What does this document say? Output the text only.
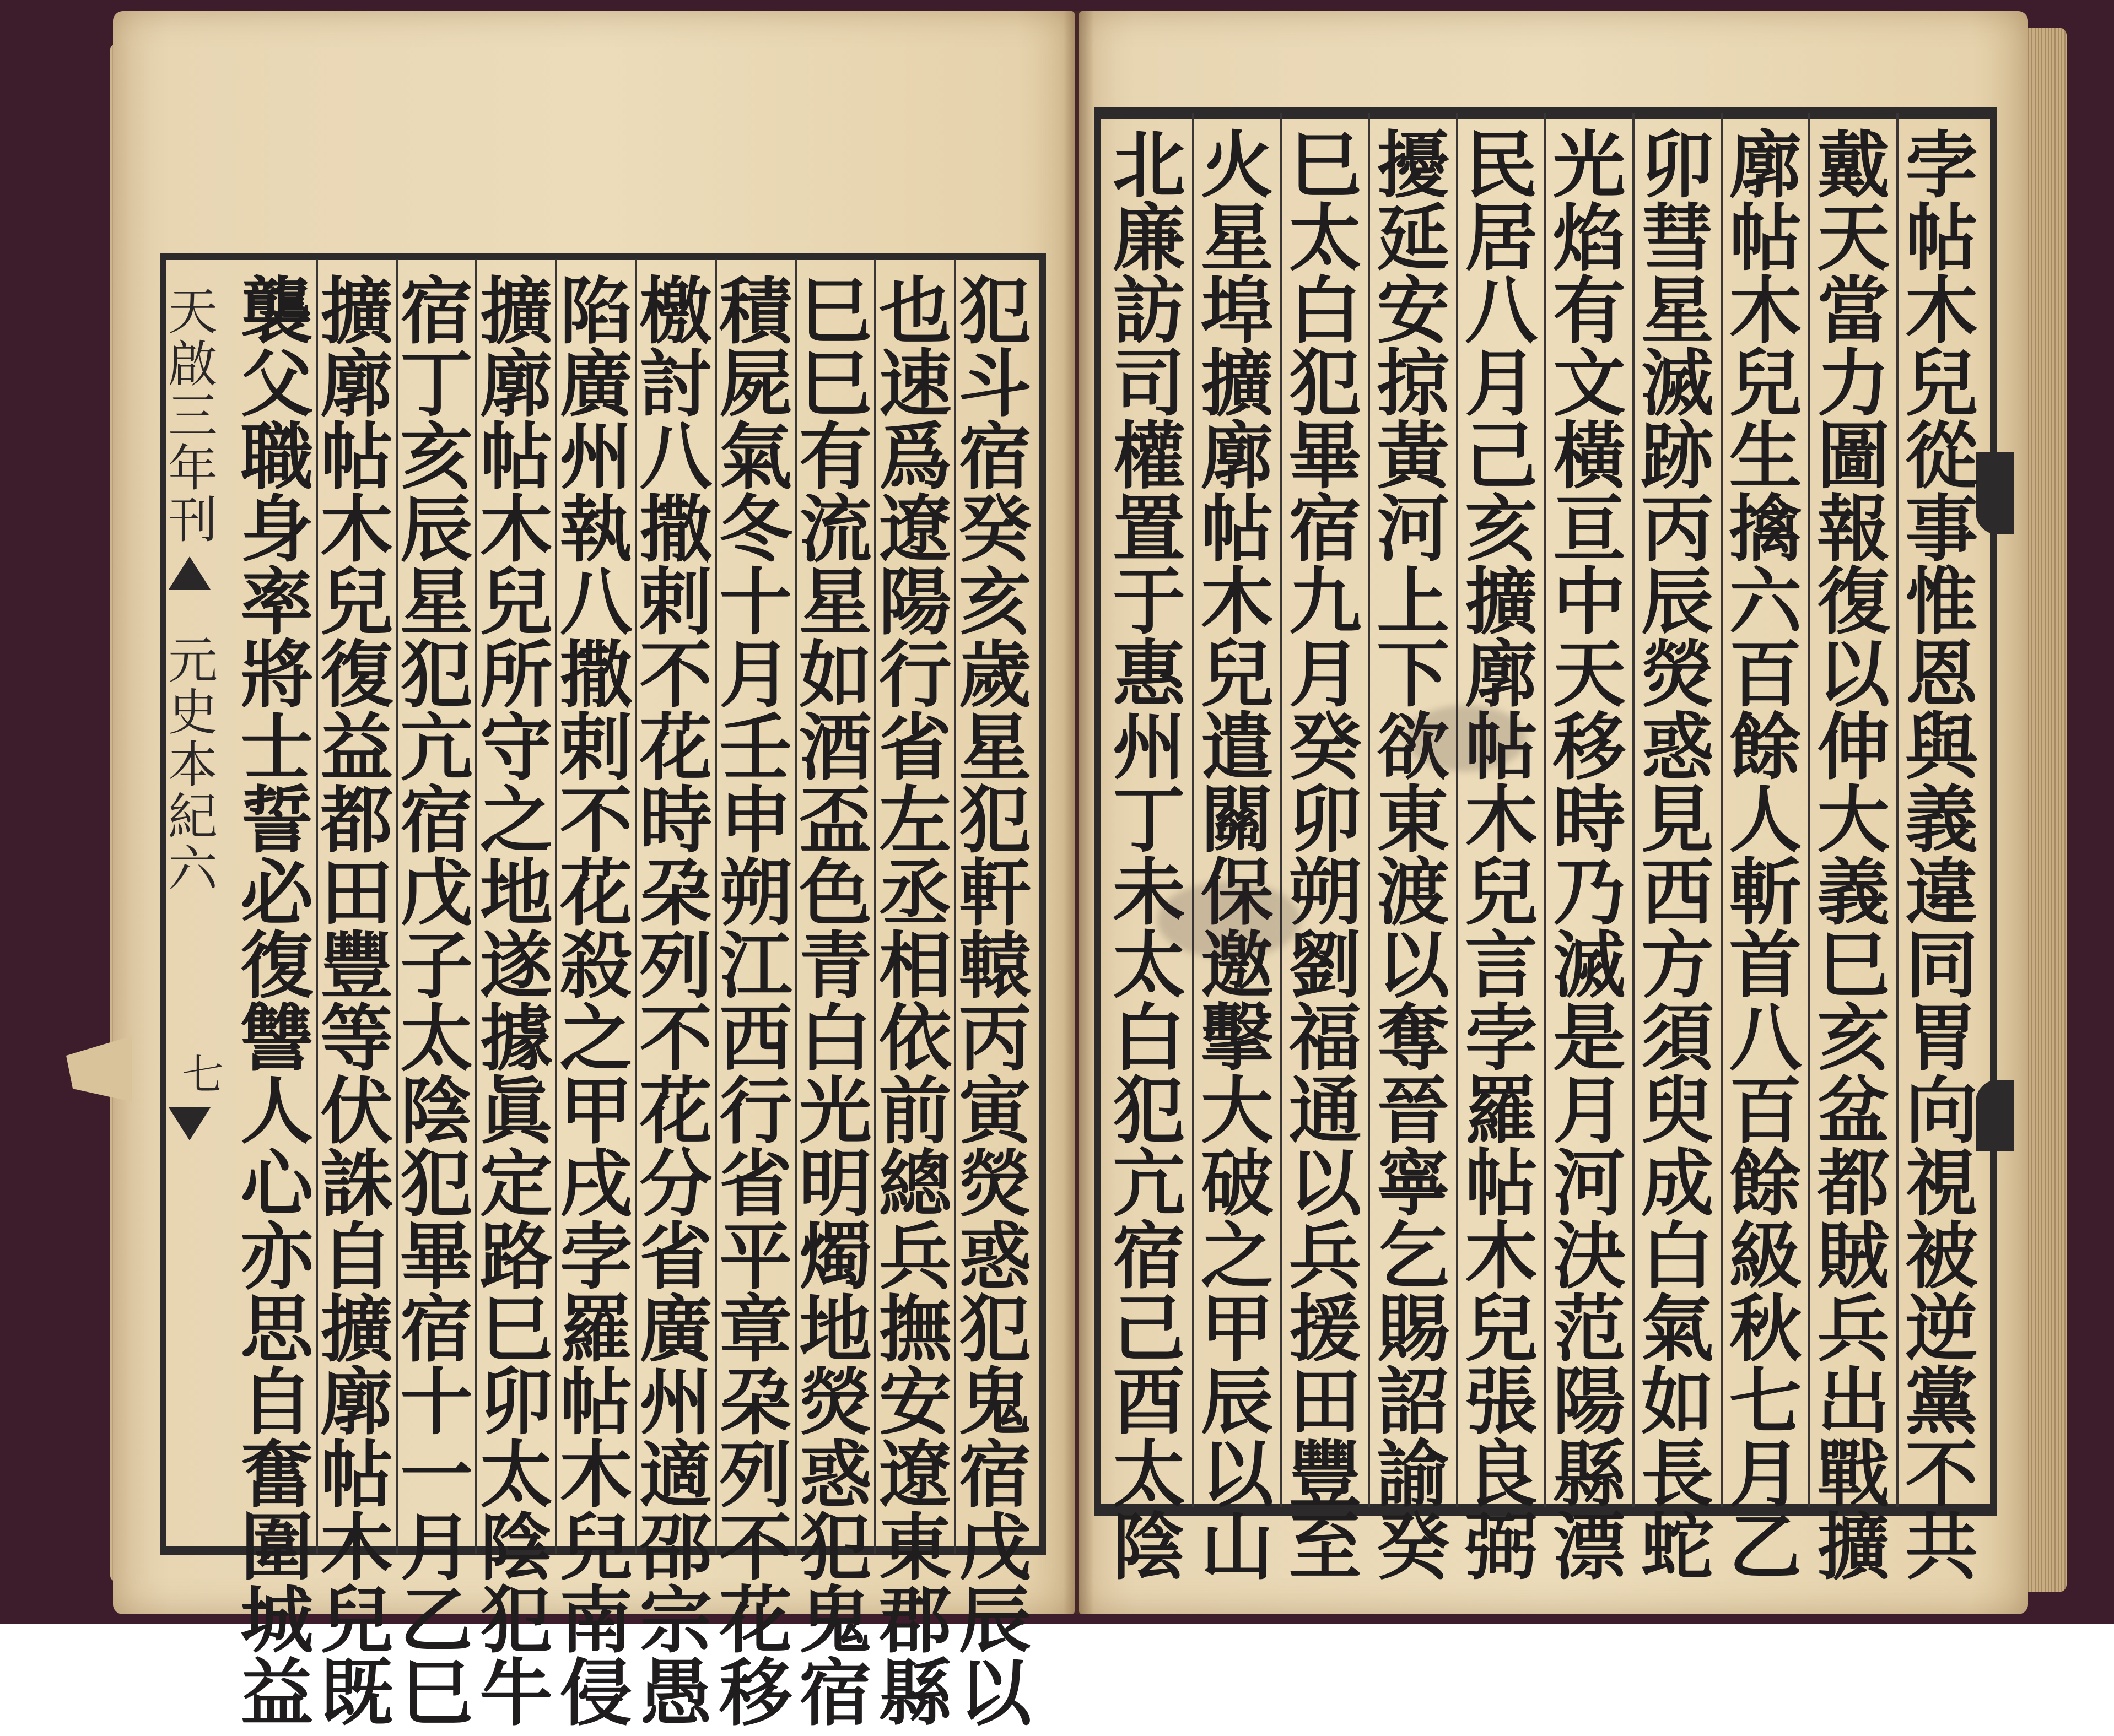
天
啟
三
年
刊
元
史
本
紀
六
七
犯
斗
宿
癸
亥
歲
星
犯
軒
轅
丙
寅
熒
惑
犯
鬼
宿
戊
辰
以
也
速
爲
遼
陽
行
省
左
丞
相
依
前
總
兵
撫
安
遼
東
郡
縣
巳
巳
有
流
星
如
酒
盃
色
青
白
光
明
燭
地
熒
惑
犯
鬼
宿
積
屍
氣
冬
十
月
壬
申
朔
江
西
行
省
平
章
朶
列
不
花
移
檄
討
八
撒
剌
不
花
時
朶
列
不
花
分
省
廣
州
適
邵
宗
愚
陷
廣
州
執
八
撒
剌
不
花
殺
之
甲
戌
孛
羅
帖
木
兒
南
侵
擴
廓
帖
木
兒
所
守
之
地
遂
據
眞
定
路
巳
卯
太
陰
犯
牛
宿
丁
亥
辰
星
犯
亢
宿
戊
子
太
陰
犯
畢
宿
十
一
月
乙
巳
擴
廓
帖
木
兒
復
益
都
田
豐
等
伏
誅
自
擴
廓
帖
木
兒
既
襲
父
職
身
率
將
士
誓
必
復
讐
人
心
亦
思
自
奮
圍
城
益
孛
帖
木
兒
從
事
惟
恩
與
義
違
同
胃
向
視
被
逆
黨
不
共
戴
天
當
力
圖
報
復
以
伸
大
義
巳
亥
盆
都
賊
兵
出
戰
擴
廓
帖
木
兒
生
擒
六
百
餘
人
斬
首
八
百
餘
級
秋
七
月
乙
卯
彗
星
滅
跡
丙
辰
熒
惑
見
西
方
須
臾
成
白
氣
如
長
蛇
光
焰
有
文
橫
亘
中
天
移
時
乃
滅
是
月
河
決
范
陽
縣
漂
民
居
八
月
己
亥
擴
廓
帖
木
兒
言
孛
羅
帖
木
兒
張
良
弼
擾
延
安
掠
黃
河
上
下
欲
東
渡
以
奪
晉
寧
乞
賜
詔
諭
癸
巳
太
白
犯
畢
宿
九
月
癸
卯
朔
劉
福
通
以
兵
援
田
豐
至
火
星
埠
擴
廓
帖
木
兒
遣
關
保
邀
擊
大
破
之
甲
辰
以
山
北
廉
訪
司
權
置
于
惠
州
丁
未
太
白
犯
亢
宿
己
酉
太
陰
